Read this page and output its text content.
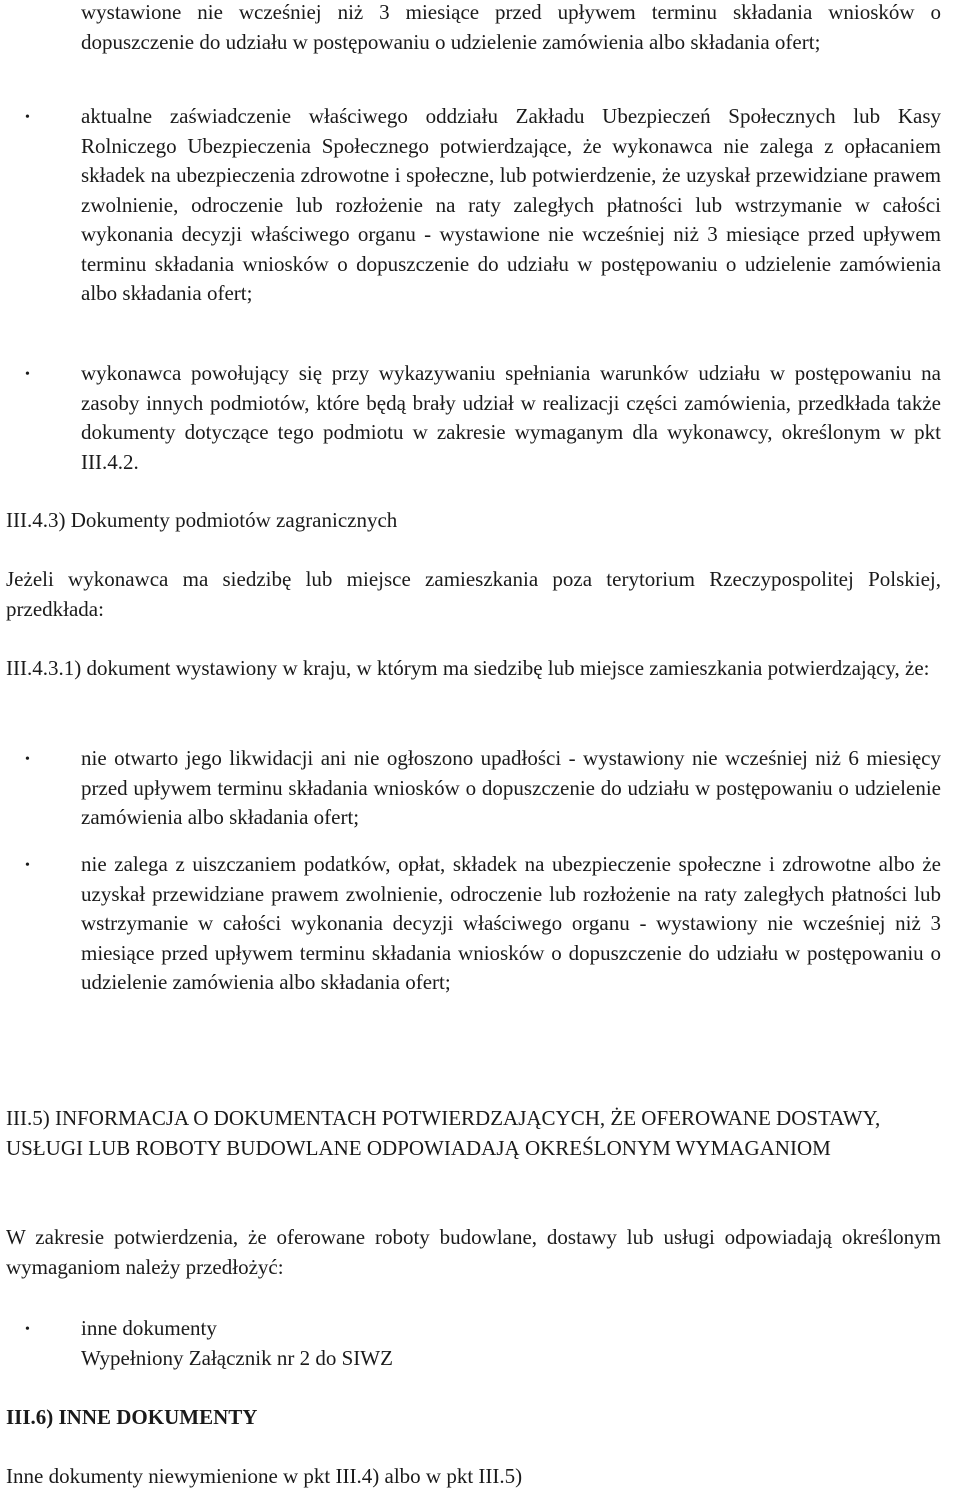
wystawione nie wcześniej niż 3 miesiące przed upływem terminu składania wniosków o dopuszczenie do udziału w postępowaniu o udzielenie zamówienia albo składania ofert;

•

aktualne zaświadczenie właściwego oddziału Zakładu Ubezpieczeń Społecznych lub Kasy Rolniczego Ubezpieczenia Społecznego potwierdzające, że wykonawca nie zalega z opłacaniem składek na ubezpieczenia zdrowotne i społeczne, lub potwierdzenie, że uzyskał przewidziane prawem zwolnienie, odroczenie lub rozłożenie na raty zaległych płatności lub wstrzymanie w całości wykonania decyzji właściwego organu - wystawione nie wcześniej niż 3 miesiące przed upływem terminu składania wniosków o dopuszczenie do udziału w postępowaniu o udzielenie zamówienia albo składania ofert;

•

wykonawca powołujący się przy wykazywaniu spełniania warunków udziału w postępowaniu na zasoby innych podmiotów, które będą brały udział w realizacji części zamówienia, przedkłada także dokumenty dotyczące tego podmiotu w zakresie wymaganym dla wykonawcy, określonym w pkt III.4.2.

III.4.3) Dokumenty podmiotów zagranicznych

Jeżeli wykonawca ma siedzibę lub miejsce zamieszkania poza terytorium Rzeczypospolitej Polskiej, przedkłada:

III.4.3.1) dokument wystawiony w kraju, w którym ma siedzibę lub miejsce zamieszkania potwierdzający, że:

•

nie otwarto jego likwidacji ani nie ogłoszono upadłości - wystawiony nie wcześniej niż 6 miesięcy przed upływem terminu składania wniosków o dopuszczenie do udziału w postępowaniu o udzielenie zamówienia albo składania ofert;

•

nie zalega z uiszczaniem podatków, opłat, składek na ubezpieczenie społeczne i zdrowotne albo że uzyskał przewidziane prawem zwolnienie, odroczenie lub rozłożenie na raty zaległych płatności lub wstrzymanie w całości wykonania decyzji właściwego organu - wystawiony nie wcześniej niż 3 miesiące przed upływem terminu składania wniosków o dopuszczenie do udziału w postępowaniu o udzielenie zamówienia albo składania ofert;

III.5) INFORMACJA O DOKUMENTACH POTWIERDZAJĄCYCH, ŻE OFEROWANE DOSTAWY, USŁUGI LUB ROBOTY BUDOWLANE ODPOWIADAJĄ OKREŚLONYM WYMAGANIOM

W zakresie potwierdzenia, że oferowane roboty budowlane, dostawy lub usługi odpowiadają określonym wymaganiom należy przedłożyć:

•

inne dokumenty
Wypełniony Załącznik nr 2 do SIWZ

III.6) INNE DOKUMENTY

Inne dokumenty niewymienione w pkt III.4) albo w pkt III.5)
